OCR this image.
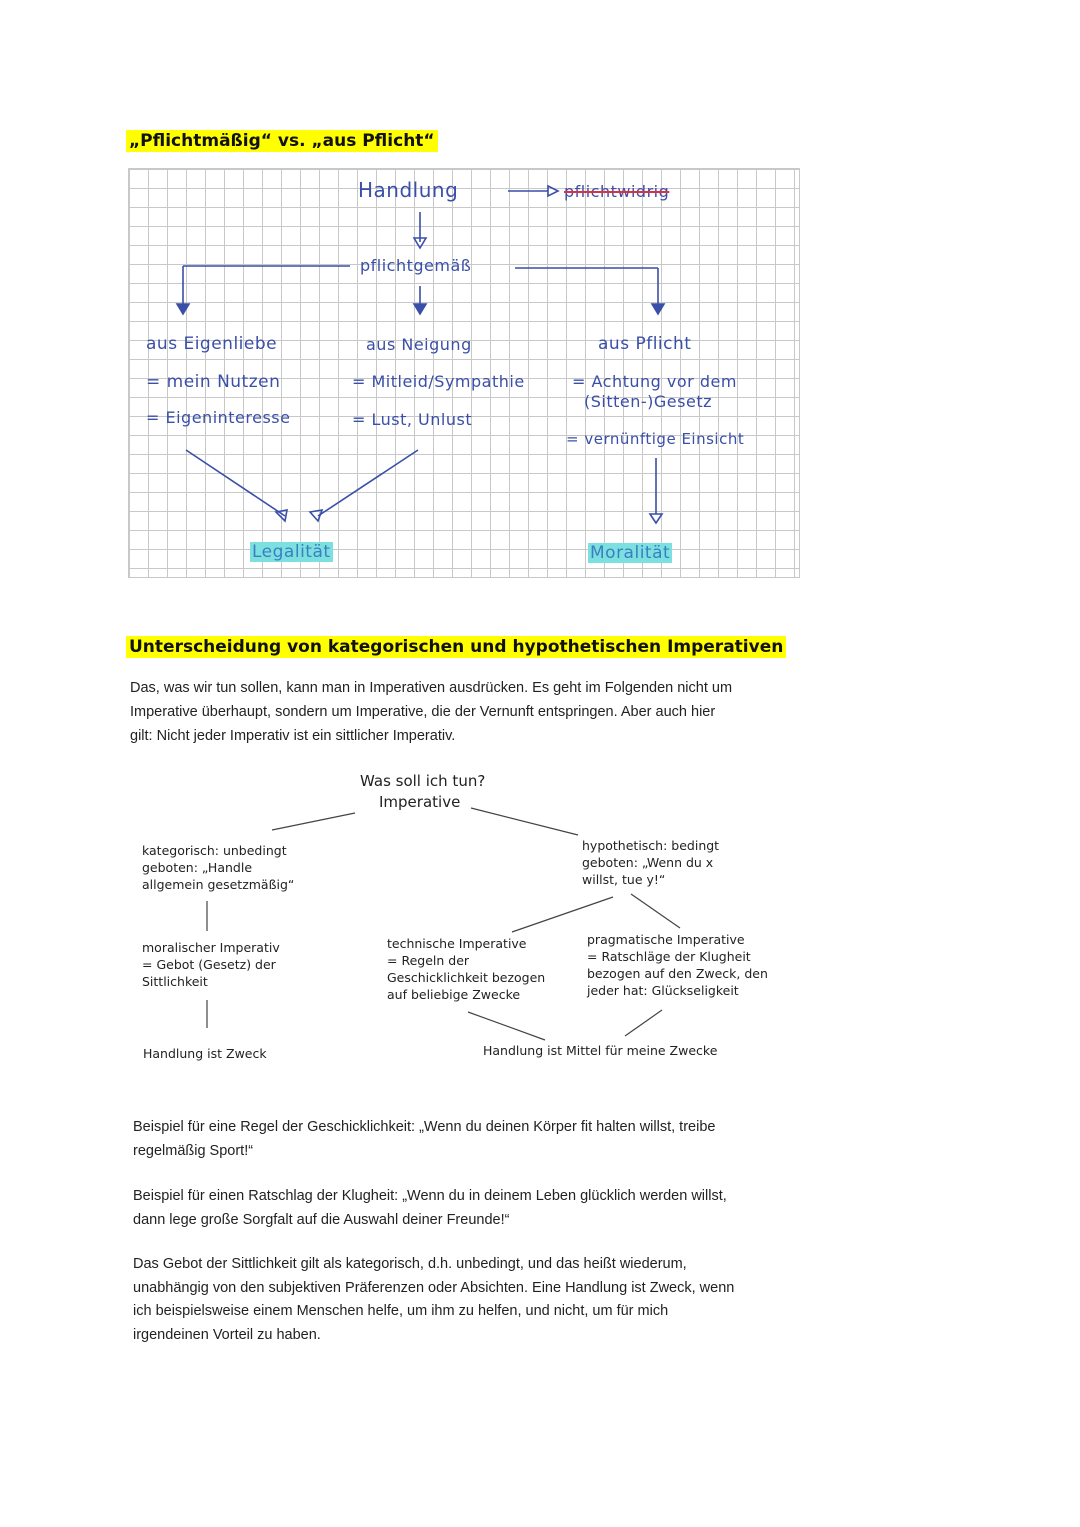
„Pflichtmäßig“ vs. „aus Pflicht“
Handlung	pflichtwidrig
pflichtgemäß
aus Eigenliebe
= mein Nutzen
= Eigeninteresse
aus Neigung
= Mitleid/Sympathie
= Lust, Unlust
aus Pflicht
= Achtung vor dem
(Sitten-)Gesetz
= vernünftige Einsicht
Legalität	Moralität
Unterscheidung von kategorischen und hypothetischen Imperativen
Das, was wir tun sollen, kann man in Imperativen ausdrücken. Es geht im Folgenden nicht um
Imperative überhaupt, sondern um Imperative, die der Vernunft entspringen. Aber auch hier
gilt: Nicht jeder Imperativ ist ein sittlicher Imperativ.
Was soll ich tun?
Imperative
kategorisch: unbedingt
geboten: „Handle
allgemein gesetzmäßig“
hypothetisch: bedingt
geboten: „Wenn du x
willst, tue y!“
moralischer Imperativ
= Gebot (Gesetz) der
Sittlichkeit
technische Imperative
= Regeln der
Geschicklichkeit bezogen
auf beliebige Zwecke
pragmatische Imperative
= Ratschläge der Klugheit
bezogen auf den Zweck, den
jeder hat: Glückseligkeit
Handlung ist Zweck	Handlung ist Mittel für meine Zwecke
Beispiel für eine Regel der Geschicklichkeit: „Wenn du deinen Körper fit halten willst, treibe
regelmäßig Sport!“
Beispiel für einen Ratschlag der Klugheit: „Wenn du in deinem Leben glücklich werden willst,
dann lege große Sorgfalt auf die Auswahl deiner Freunde!“
Das Gebot der Sittlichkeit gilt als kategorisch, d.h. unbedingt, und das heißt wiederum,
unabhängig von den subjektiven Präferenzen oder Absichten. Eine Handlung ist Zweck, wenn
ich beispielsweise einem Menschen helfe, um ihm zu helfen, und nicht, um für mich
irgendeinen Vorteil zu haben.
